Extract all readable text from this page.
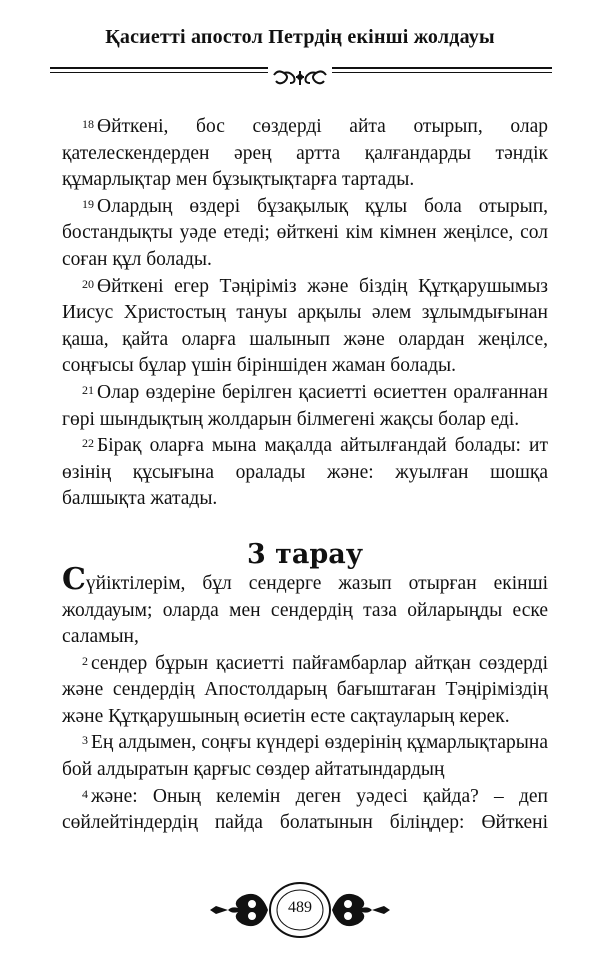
Қасиетті апостол Петрдің екінші жолдауы

$^{18}$ Өйткені, бос сөздерді айта отырып, олар қателескендерден әрең артта қалғандарды тәндік құмарлықтар мен бұзықтықтарға тартады.

$^{19}$ Олардың өздері бұзақылық құлы бола отырып, бостандықты уәде етеді; өйткені кім кімнен жеңілсе, сол соған құл болады.

$^{20}$ Өйткені егер Тәңіріміз және біздің Құтқарушымыз Иисус Христостың тануы арқылы әлем зұлымдығынан қаша, қайта оларға шалынып және олардан жеңілсе, соңғысы бұлар үшін біріншіден жаман болады.

$^{21}$ Олар өздеріне берілген қасиетті өсиеттен оралғаннан гөрі шындықтың жолдарын білмегені жақсы болар еді.

$^{22}$ Бірақ оларға мына мақалда айтылғандай болады: ит өзінің құсығына оралады және: жуылған шошқа балшықта жатады.

3 тарау

Сүйіктілерім, бұл сендерге жазып отырған екінші жолдауым; оларда мен сендердің таза ойларыңды еске саламын,

$^2$ сендер бұрын қасиетті пайғамбарлар айтқан сөздерді және сендердің Апостолдарың бағыштаған Тәңіріміздің және Құтқарушының өсиетін есте сақтауларың керек.

$^3$ Ең алдымен, соңғы күндері өздерінің құмарлықтарына бой алдыратын қарғыс сөздер айтатындардың

$^4$ және: Оның келемін деген уәдесі қайда? – деп сөйлейтіндердің пайда болатынын біліңдер: Өйткені

489
